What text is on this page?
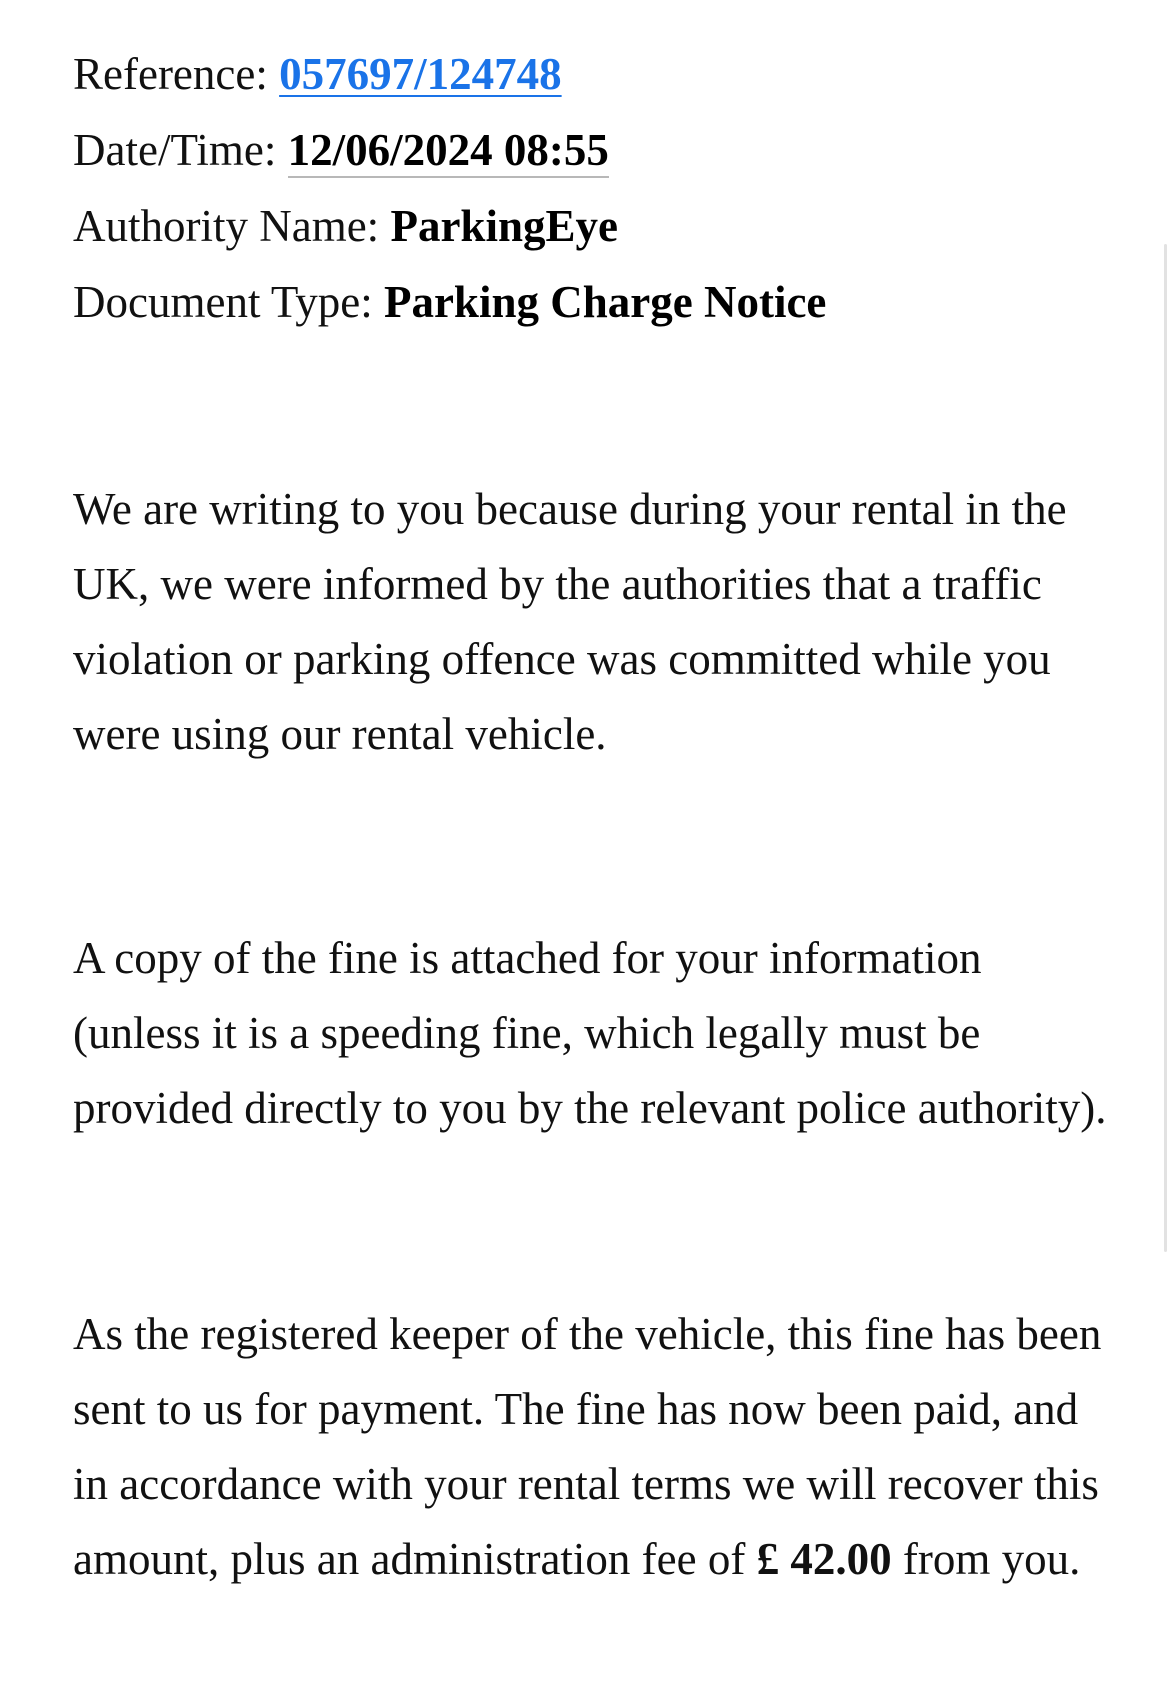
Reference: 057697/124748
Date/Time: 12/06/2024 08:55
Authority Name: ParkingEye
Document Type: Parking Charge Notice

We are writing to you because during your rental in the UK, we were informed by the authorities that a traffic violation or parking offence was committed while you were using our rental vehicle.

A copy of the fine is attached for your information (unless it is a speeding fine, which legally must be provided directly to you by the relevant police authority).

As the registered keeper of the vehicle, this fine has been sent to us for payment. The fine has now been paid, and in accordance with your rental terms we will recover this amount, plus an administration fee of £ 42.00 from you.
